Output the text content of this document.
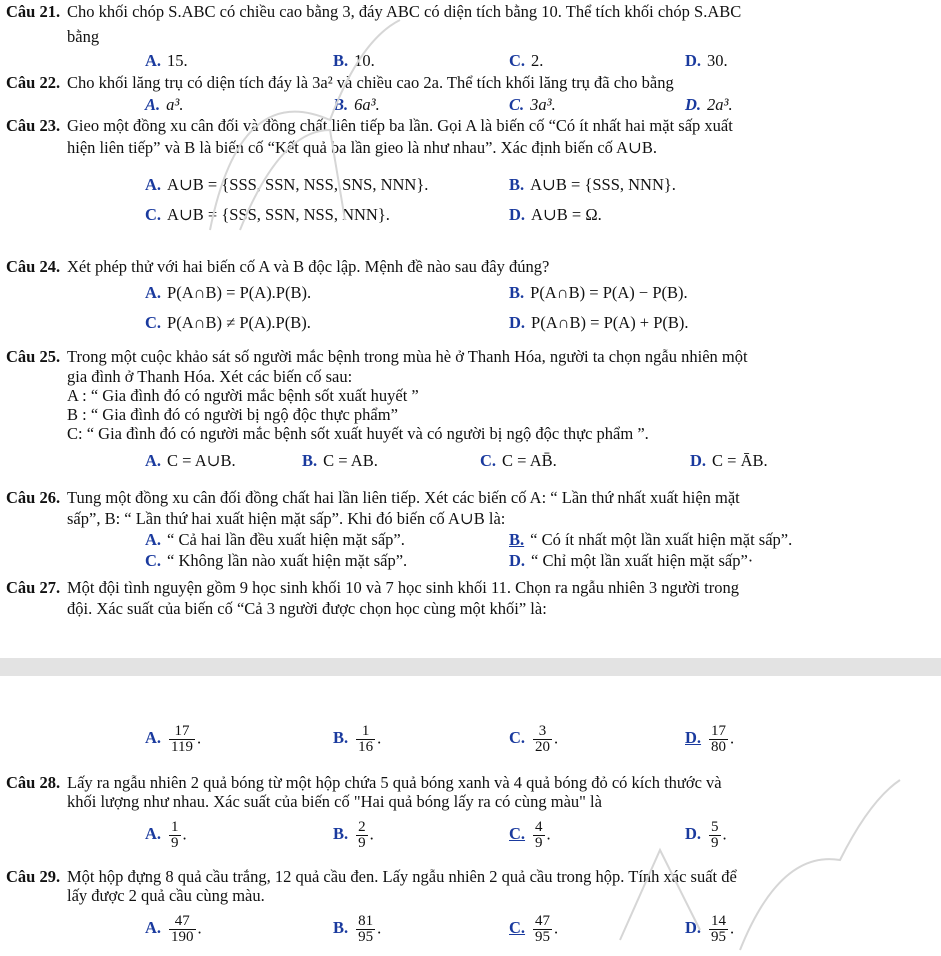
Câu 21. Cho khối chóp S.ABC có chiều cao bằng 3, đáy ABC có diện tích bằng 10. Thể tích khối chóp S.ABC
bằng
A. 15.	B. 10.	C. 2.	D. 30.
Câu 22. Cho khối lăng trụ có diện tích đáy là 3a² và chiều cao 2a. Thể tích khối lăng trụ đã cho bằng
A. a³.	B. 6a³.	C. 3a³.	D. 2a³.
Câu 23. Gieo một đồng xu cân đối và đồng chất liên tiếp ba lần. Gọi A là biến cố “Có ít nhất hai mặt sấp xuất
hiện liên tiếp” và B là biến cố “Kết quả ba lần gieo là như nhau”. Xác định biến cố A∪B.
A. A∪B = {SSS, SSN, NSS, SNS, NNN}.	B. A∪B = {SSS, NNN}.
C. A∪B = {SSS, SSN, NSS, NNN}.	D. A∪B = Ω.
Câu 24. Xét phép thử với hai biến cố A và B độc lập. Mệnh đề nào sau đây đúng?
A. P(A∩B) = P(A).P(B).	B. P(A∩B) = P(A) − P(B).
C. P(A∩B) ≠ P(A).P(B).	D. P(A∩B) = P(A) + P(B).
Câu 25. Trong một cuộc khảo sát số người mắc bệnh trong mùa hè ở Thanh Hóa, người ta chọn ngẫu nhiên một
gia đình ở Thanh Hóa. Xét các biến cố sau:
A : “ Gia đình đó có người mắc bệnh sốt xuất huyết ”
B : “ Gia đình đó có người bị ngộ độc thực phẩm”
C: “ Gia đình đó có người mắc bệnh sốt xuất huyết và có người bị ngộ độc thực phẩm ”.
A. C = A∪B.	B. C = AB.	C. C = AB̄.	D. C = ĀB.
Câu 26. Tung một đồng xu cân đối đồng chất hai lần liên tiếp. Xét các biến cố A: “ Lần thứ nhất xuất hiện mặt
sấp”, B: “ Lần thứ hai xuất hiện mặt sấp”. Khi đó biến cố A∪B là:
A. “ Cả hai lần đều xuất hiện mặt sấp”.	B. “ Có ít nhất một lần xuất hiện mặt sấp”.
C. “ Không lần nào xuất hiện mặt sấp”.	D. “ Chỉ một lần xuất hiện mặt sấp”·
Câu 27. Một đội tình nguyện gồm 9 học sinh khối 10 và 7 học sinh khối 11. Chọn ra ngẫu nhiên 3 người trong
đội. Xác suất của biến cố “Cả 3 người được chọn học cùng một khối” là:
A. $\frac{17}{119}$ .	B. $\frac{1}{16}$ .	C. $\frac{3}{20}$ .	D. $\frac{17}{80}$ .
Câu 28. Lấy ra ngẫu nhiên 2 quả bóng từ một hộp chứa 5 quả bóng xanh và 4 quả bóng đỏ có kích thước và
khối lượng như nhau. Xác suất của biến cố "Hai quả bóng lấy ra có cùng màu" là
A. $\frac{1}{9}$ .	B. $\frac{2}{9}$ .	C. $\frac{4}{9}$ .	D. $\frac{5}{9}$ .
Câu 29. Một hộp đựng 8 quả cầu trắng, 12 quả cầu đen. Lấy ngẫu nhiên 2 quả cầu trong hộp. Tính xác suất để
lấy được 2 quả cầu cùng màu.
A. $\frac{47}{190}$ .	B. $\frac{81}{95}$ .	C. $\frac{47}{95}$ .	D. $\frac{14}{95}$ .
